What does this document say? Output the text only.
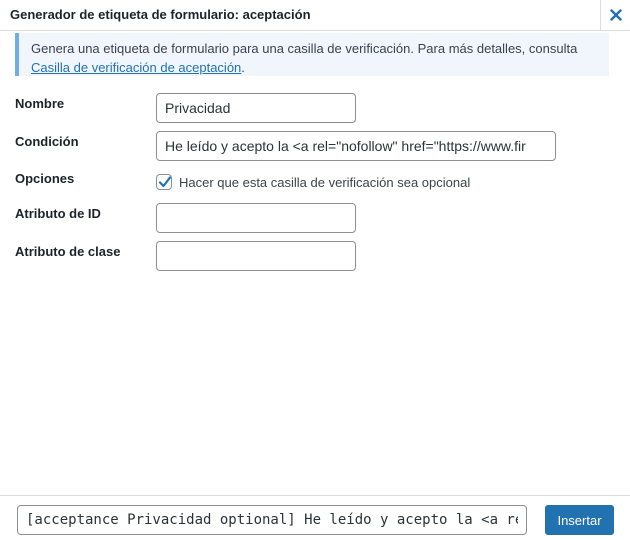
Generador de etiqueta de formulario: aceptación
Genera una etiqueta de formulario para una casilla de verificación. Para más detalles, consulta Casilla de verificación de aceptación.
Nombre
Privacidad
Condición
He leído y acepto la <a rel="nofollow" href="https://www.fir
Opciones	Hacer que esta casilla de verificación sea opcional
Atributo de ID
Atributo de clase
[acceptance Privacidad optional] He leído y acepto la <a re
Insertar
